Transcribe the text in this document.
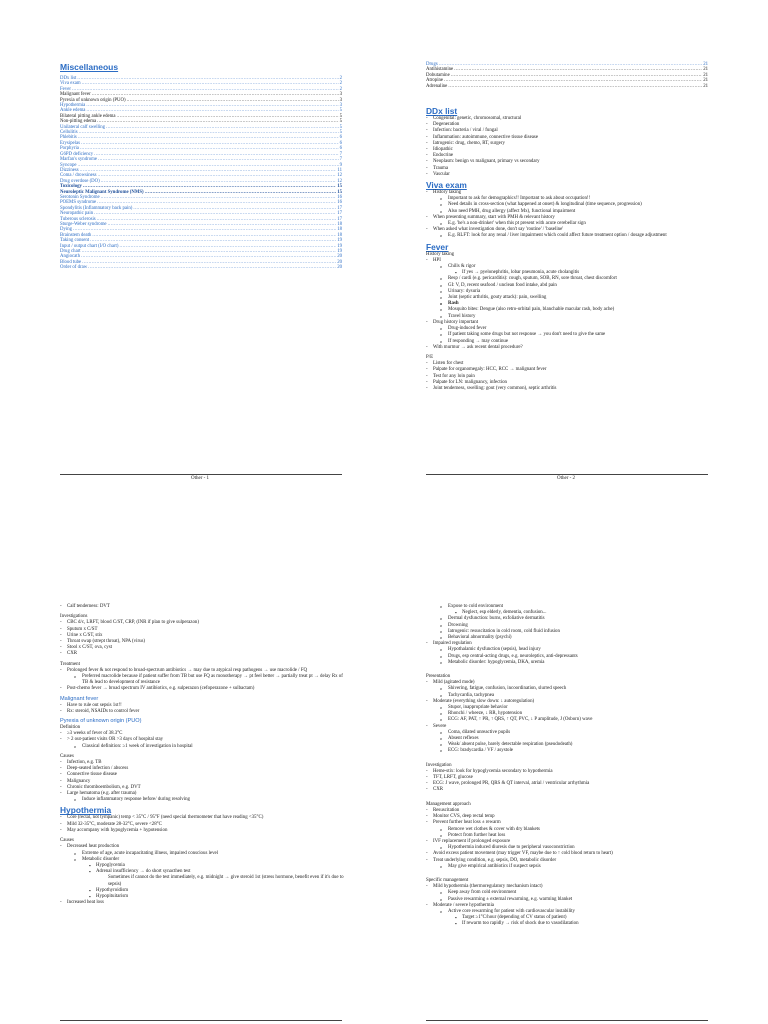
Miscellaneous
DDx list .....	2
Viva exam .....	2
Fever .....	2
Malignant fever .....	3
Pyrexia of unknown origin (PUO) .....	3
Hypothermia .....	3
Ankle edema .....	5
Bilateral pitting ankle edema .....	5
Non-pitting edema .....	5
Unilateral calf swelling .....	5
Cellulitis .....	5
Phlebitis .....	6
Erysipelas .....	6
Porphyria .....	6
G6PD deficiency .....	7
Marfan's syndrome .....	7
Syncope .....	9
Dizziness .....	11
Coma / drowsiness .....	12
Drug overdose (DO) .....	12
Toxicology .....	15
Neuroleptic Malignant Syndrome (NMS) .....	15
Serotonin Syndrome .....	16
POEMS syndrome .....	16
Spondylitis (Inflammatory back pain) .....	17
Neuropathic pain .....	17
Tuberous sclerosis .....	17
Sturge-Weber syndrome .....	18
Dying .....	18
Brainstem death .....	18
Taking consent .....	19
Input / output chart (I/O chart) .....	19
Drug chart .....	19
Angiocath .....	20
Blood tube .....	20
Order of draw .....	20
Other - 1
Drugs .....	21
Antihistamine .....	21
Dobutamine .....	21
Atropine .....	21
Adrenaline .....	21
DDx list
- Congenital: genetic, chromosomal, structural
- Degeneration
- Infection: bacteria / viral / fungal
- Inflammation: autoimmune, connective tissue disease
- Iatrogenic: drug, chemo, RT, surgery
- Idiopathic
- Endocrine
- Neoplasm: benign vs malignant, primary vs secondary
- Trauma
- Vascular
Viva exam
- History taking
o Important to ask for demographics!! Important to ask about occupation!!
o Need details in cross-section (what happened at onset) & longitudinal (time sequence, progression)
o Also need PMH, drug allergy (affect Mx), functional impairment
- When presenting summary, start with PMH & relevant history
o E.g. 'he's a non-drinker' when this pt present with acute cerebellar sign
- When asked what investigation done, don't say 'routine' / 'baseline'
o E.g. RLFT: look for any renal / liver impairment which could affect future treatment option / dosage adjustment
Fever
History taking
- HPI
o Chills & rigor
▪ If yes → pyelonephritis, lobar pneumonia, acute cholangitis
o Resp / cardi (e.g. pericarditis): cough, sputum, SOB, RN, sore throat, chest discomfort
o GI: V, D, recent seafood / unclean food intake, abd pain
o Urinary: dysuria
o Joint (septic arthritis, gouty attack): pain, swelling
o Rash
o Mosquito bites: Dengue (also retro-orbital pain, blanchable macular rash, body ache)
o Travel history
- Drug history important
o Drug-induced fever
o If patient taking some drugs but not response → you don't need to give the same
o If responding → may continue
- With murmur → ask recent dental procedure?
P/E
- Listen for chest
- Palpate for organomegaly: HCC, RCC → malignant fever
- Test for any loin pain
- Palpate for LN: malignancy, infection
- Joint tenderness, swelling: gout (very common), septic arthritis
Other - 2
- Calf tenderness: DVT
Investigations
- CBC d/c, LRFT, blood C/ST, CRP, (INR if plan to give sulperazon)
- Sputum x C/ST
- Urine x C/ST, stix
- Throat swap (strept throat), NPA (virus)
- Stool x C/ST, ova, cyst
- CXR
Treatment
- Prolonged fever & not respond to broad-spectrum antibiotics → may due to atypical resp pathogens → use macrolide / FQ
o Preferred macrolide because if patient suffer from TB but use FQ as monotherapy → pt feel better → partially treat pt → delay Rx of TB & lead to development of resistance
- Post-chemo fever → broad spectrum IV antibiotics, e.g. sulperazon (cefoperazone + sulbactam)
Malignant fever
- Have to rule out sepsis 1st!!
- Rx: steroid, NSAIDs to control fever
Pyrexia of unknown origin (PUO)
Definition
- ≥3 weeks of fever of 38.3°C
- > 2 out-patient visits OR >3 days of hospital stay
o Classical definition: ≥1 week of investigation in hospital
Causes
- Infection, e.g. TB
- Deep-seated infection / abscess
- Connective tissue disease
- Malignancy
- Chronic thromboembolism, e.g. DVT
- Large hematoma (e.g. after trauma)
o Induce inflammatory response before/ during resolving
Hypothermia
- Core (rectal, not tympanic) temp < 35°C / 95°F (need special thermometer that have reading <35°C)
- Mild 32-35°C, moderate 28-32°C, severe <28°C
- May accompany with hypoglycemia + hypotension
Causes
- Decreased heat production
o Extreme of age, acute incapacitating illness, impaired conscious level
o Metabolic disorder
▪ Hypoglycemia
▪ Adrenal insufficiency → do short synacthen test
Sometimes if cannot do the test immediately, e.g. midnight → give steroid 1st (stress hormone, benefit even if it's due to sepsis)
▪ Hypothyroidism
▪ Hypopituitarism
- Increased heat loss
o Expose to cold environment
▪ Neglect, esp elderly, dementia, confusion...
o Dermal dysfunction: burns, exfoliative dermatitis
o Drowning
o Iatrogenic: resuscitation in cold room, cold fluid infusion
o Behavioral abnormality (psychi)
- Impaired regulation
o Hypothalamic dysfunction (sepsis), head injury
o Drugs, esp central-acting drugs, e.g. neuroleptics, anti-depressants
o Metabolic disorder: hypoglycemia, DKA, uremia
Presentation
- Mild (agitated mode)
o Shivering, fatigue, confusion, incoordination, slurred speech
o Tachycardia, tachypnea
- Moderate (everything slow down: ↓ autoregulation)
o Stupor, inappropriate behavior
o Rhonchi / wheeze, ↓ RR, hypotension
o ECG: AF, PAT, ↑ PR, ↑ QRS, ↑ QT, PVC, ↓ P amplitude, J (Osborn) wave
- Severe
o Coma, dilated unreactive pupils
o Absent reflexes
o Weak/ absent pulse, barely detectable respiration (pseudodeath)
o ECG: bradycardia / VF / asystole
Investigation
- Heme-stix: look for hypoglycemia secondary to hypothermia
- TFT, LRFT, glucose
- ECG: J wave, prolonged PR, QRS & QT interval, atrial / ventricular arrhythmia
- CXR
Management approach
- Resuscitation
- Monitor CVS, deep rectal temp
- Prevent further heat loss ± rewarm
o Remove wet clothes & cover with dry blankets
o Protect from further heat loss
- IVF replacement if prolonged exposure
o Hypothermia induced diuresis due to peripheral vasoconstriction
- Avoid excess patient movement (may trigger VF, maybe due to ↑ cold blood return to heart)
- Treat underlying condition, e.g. sepsis, DO, metabolic disorder
o May give empirical antibiotics if suspect sepsis
Specific management
- Mild hypothermia (thermoregulatory mechanism intact)
o Keep away from cold environment
o Passive rewarming ± external rewarming, e.g. warming blanket
- Moderate / severe hypothermia
o Active core rewarming for patient with cardiovascular instability
▪ Target ≥1°C/hour (depending of CV status of patient)
▪ If rewarm too rapidly → risk of shock due to vasodilatation
